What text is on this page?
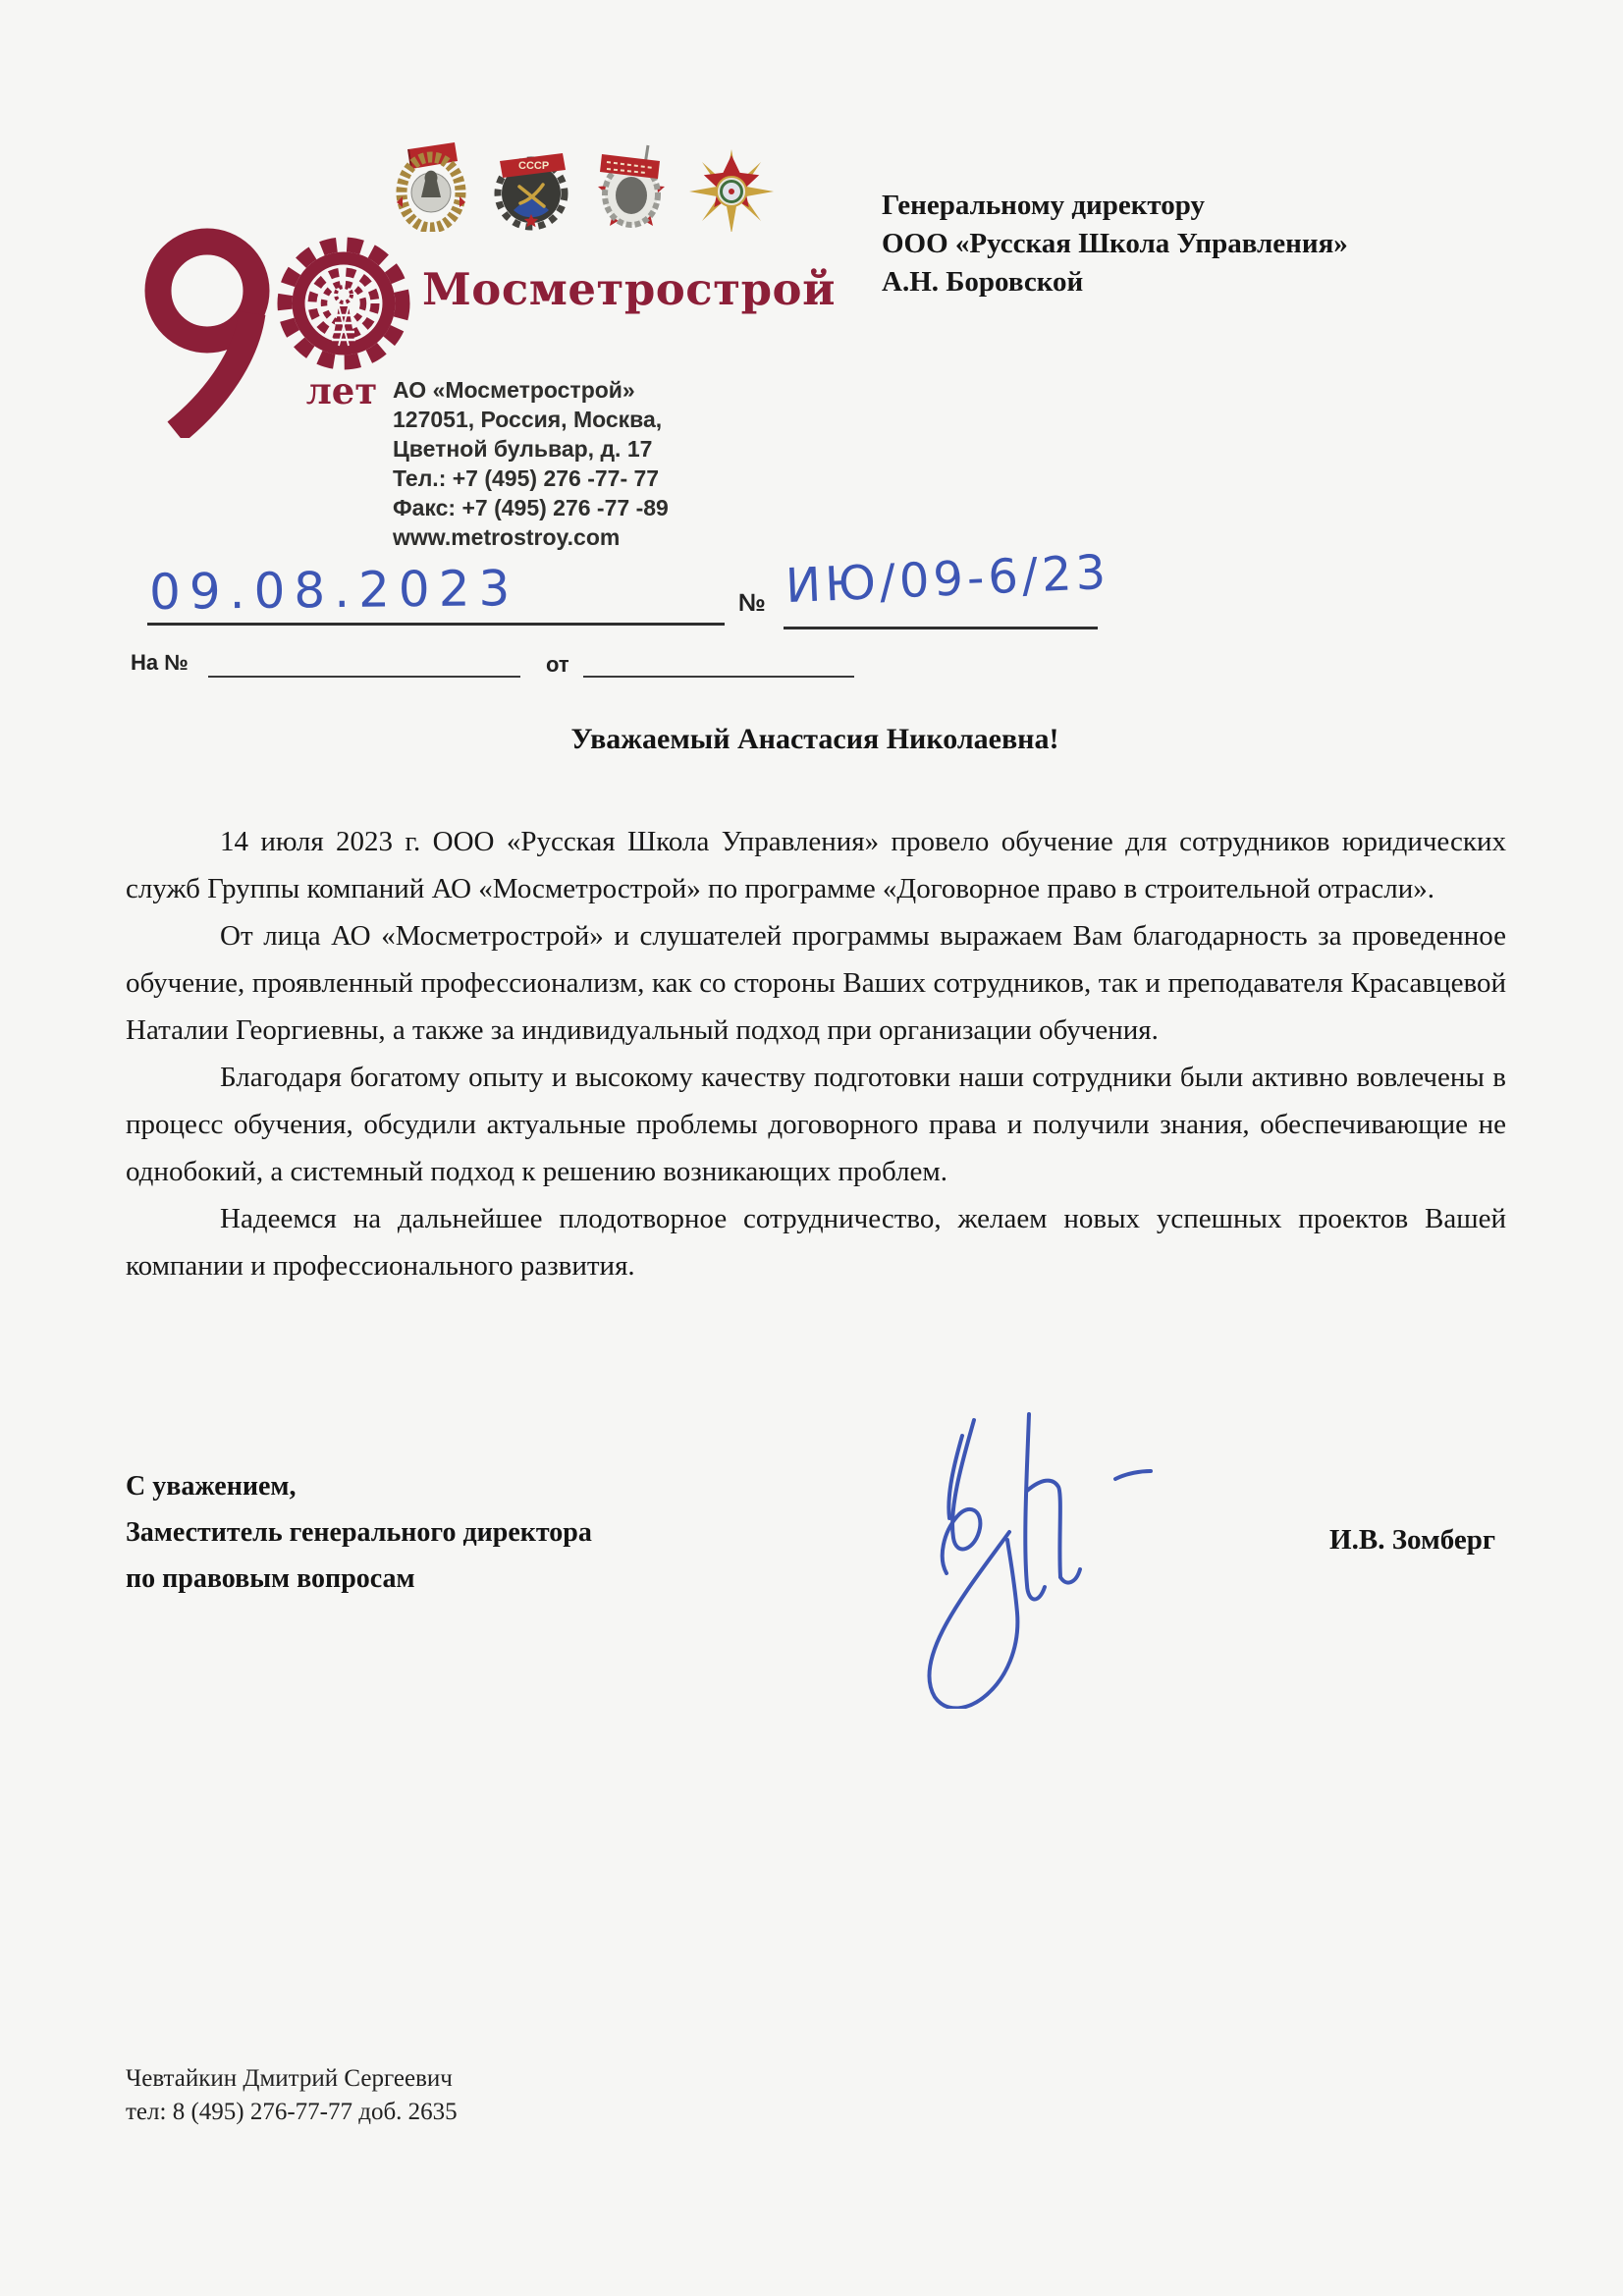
СССР
лет
Мосметрострой
АО «Мосметрострой»
127051, Россия, Москва,
Цветной бульвар, д. 17
Тел.: +7 (495) 276 -77- 77
Факс: +7 (495) 276 -77 -89
www.metrostroy.com
Генеральному директору
ООО «Русская Школа Управления»
А.Н. Боровской
09.08.2023	№ ИЮ/09-6/23
На №	от
Уважаемый Анастасия Николаевна!

14 июля 2023 г. ООО «Русская Школа Управления» провело обучение для сотрудников юридических служб Группы компаний АО «Мосметрострой» по программе «Договорное право в строительной отрасли».

От лица АО «Мосметрострой» и слушателей программы выражаем Вам благодарность за проведенное обучение, проявленный профессионализм, как со стороны Ваших сотрудников, так и преподавателя Красавцевой Наталии Георгиевны, а также за индивидуальный подход при организации обучения.

Благодаря богатому опыту и высокому качеству подготовки наши сотрудники были активно вовлечены в процесс обучения, обсудили актуальные проблемы договорного права и получили знания, обеспечивающие не однобокий, а системный подход к решению возникающих проблем.

Надеемся на дальнейшее плодотворное сотрудничество, желаем новых успешных проектов Вашей компании и профессионального развития.

С уважением,
Заместитель генерального директора
по правовым вопросам
И.В. Зомберг
Чевтайкин Дмитрий Сергеевич
тел: 8 (495) 276-77-77 доб. 2635
